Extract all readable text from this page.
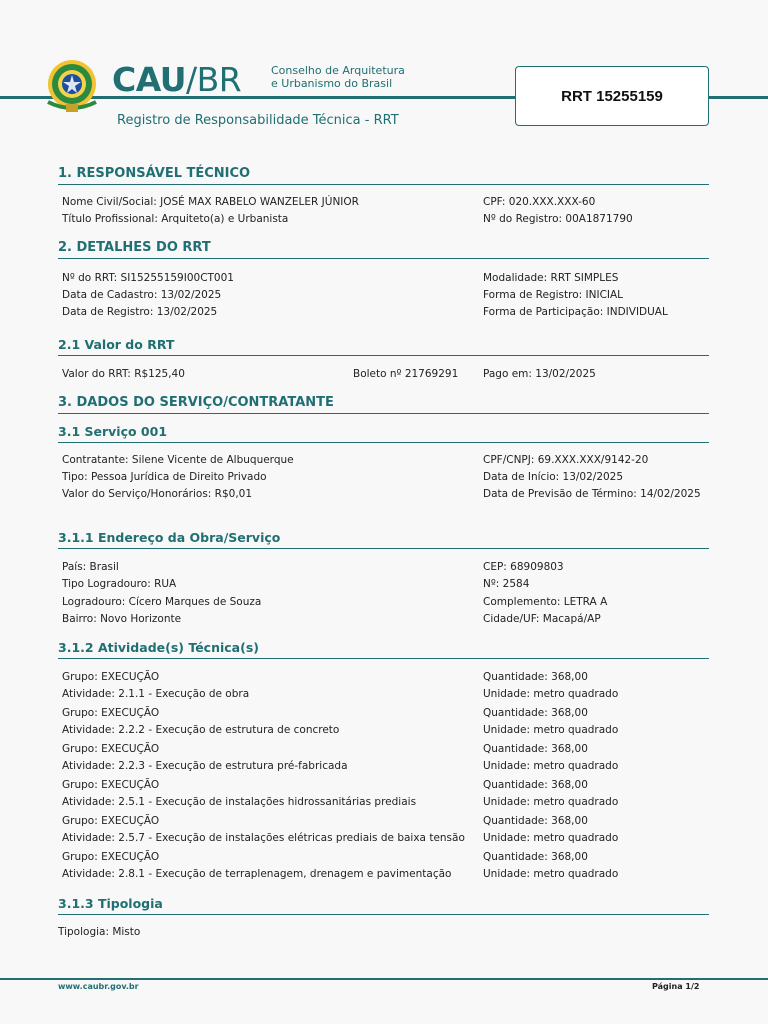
CAU/BR	Conselho de Arquitetura
e Urbanismo do Brasil
Registro de Responsabilidade Técnica - RRT
RRT 15255159
1. RESPONSÁVEL TÉCNICO
Nome Civil/Social: JOSÉ MAX RABELO WANZELER JÚNIOR
Título Profissional: Arquiteto(a) e Urbanista
CPF: 020.XXX.XXX-60
Nº do Registro: 00A1871790
2. DETALHES DO RRT
Nº do RRT: SI15255159I00CT001
Data de Cadastro: 13/02/2025
Data de Registro: 13/02/2025
Modalidade: RRT SIMPLES
Forma de Registro: INICIAL
Forma de Participação: INDIVIDUAL
2.1 Valor do RRT
Valor do RRT: R$125,40	Boleto nº 21769291 Pago em: 13/02/2025
3. DADOS DO SERVIÇO/CONTRATANTE
3.1 Serviço 001
Contratante: Silene Vicente de Albuquerque
Tipo: Pessoa Jurídica de Direito Privado
Valor do Serviço/Honorários: R$0,01
CPF/CNPJ: 69.XXX.XXX/9142-20
Data de Início: 13/02/2025
Data de Previsão de Término: 14/02/2025
3.1.1 Endereço da Obra/Serviço
País: Brasil
Tipo Logradouro: RUA
Logradouro: Cícero Marques de Souza
Bairro: Novo Horizonte
CEP: 68909803
Nº: 2584
Complemento: LETRA A
Cidade/UF: Macapá/AP
3.1.2 Atividade(s) Técnica(s)
Grupo: EXECUÇÃO
Atividade: 2.1.1 - Execução de obra
Quantidade: 368,00
Unidade: metro quadrado
Grupo: EXECUÇÃO
Atividade: 2.2.2 - Execução de estrutura de concreto
Quantidade: 368,00
Unidade: metro quadrado
Grupo: EXECUÇÃO
Atividade: 2.2.3 - Execução de estrutura pré-fabricada
Quantidade: 368,00
Unidade: metro quadrado
Grupo: EXECUÇÃO
Atividade: 2.5.1 - Execução de instalações hidrossanitárias prediais
Quantidade: 368,00
Unidade: metro quadrado
Grupo: EXECUÇÃO
Atividade: 2.5.7 - Execução de instalações elétricas prediais de baixa tensão
Quantidade: 368,00
Unidade: metro quadrado
Grupo: EXECUÇÃO
Atividade: 2.8.1 - Execução de terraplenagem, drenagem e pavimentação
Quantidade: 368,00
Unidade: metro quadrado
3.1.3 Tipologia
Tipologia: Misto
www.caubr.gov.br	Página 1/2
